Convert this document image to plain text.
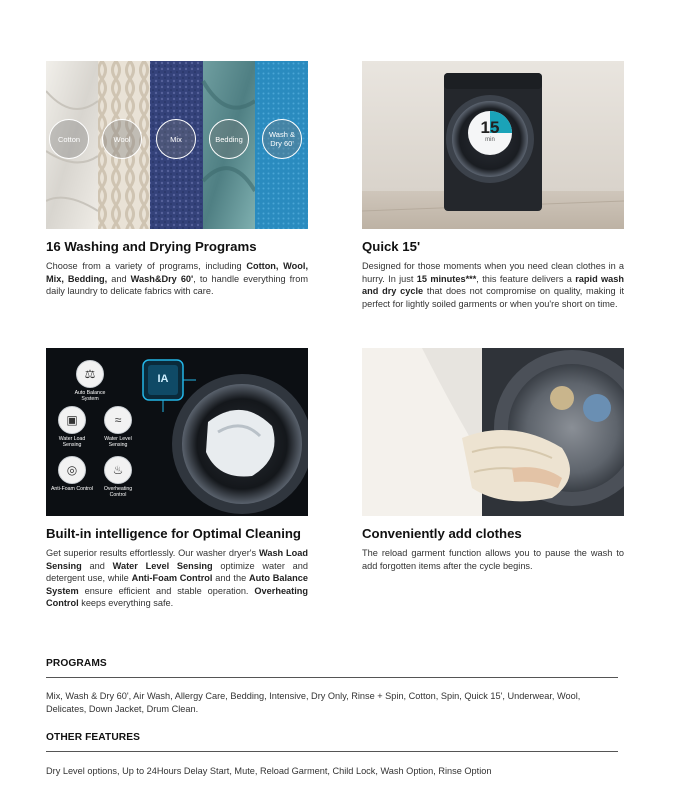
Cotton	Wool	Mix	Bedding	Wash & Dry 60'
16 Washing and Drying Programs

Choose from a variety of programs, including Cotton, Wool, Mix, Bedding, and Wash&Dry 60', to handle everything from daily laundry to delicate fabrics with care.

15
min
Quick 15'

Designed for those moments when you need clean clothes in a hurry. In just 15 minutes***, this feature delivers a rapid wash and dry cycle that does not compromise on quality, making it perfect for lightly soiled garments or when you're short on time.

IA
⚖
Auto Balance System
▣
Water Load Sensing
≈
Water Level Sensing
◎
Anti-Foam Control
♨
Overheating Control
Built-in intelligence for Optimal Cleaning

Get superior results effortlessly. Our washer dryer's Wash Load Sensing and Water Level Sensing optimize water and detergent use, while Anti-Foam Control and the Auto Balance System ensure efficient and stable operation. Overheating Control keeps everything safe.

Conveniently add clothes

The reload garment function allows you to pause the wash to add forgotten items after the cycle begins.

PROGRAMS
Mix, Wash & Dry 60', Air Wash, Allergy Care, Bedding, Intensive, Dry Only, Rinse + Spin, Cotton, Spin, Quick 15', Underwear, Wool, Delicates, Down Jacket, Drum Clean.
OTHER FEATURES
Dry Level options, Up to 24Hours Delay Start, Mute, Reload Garment, Child Lock, Wash Option, Rinse Option
